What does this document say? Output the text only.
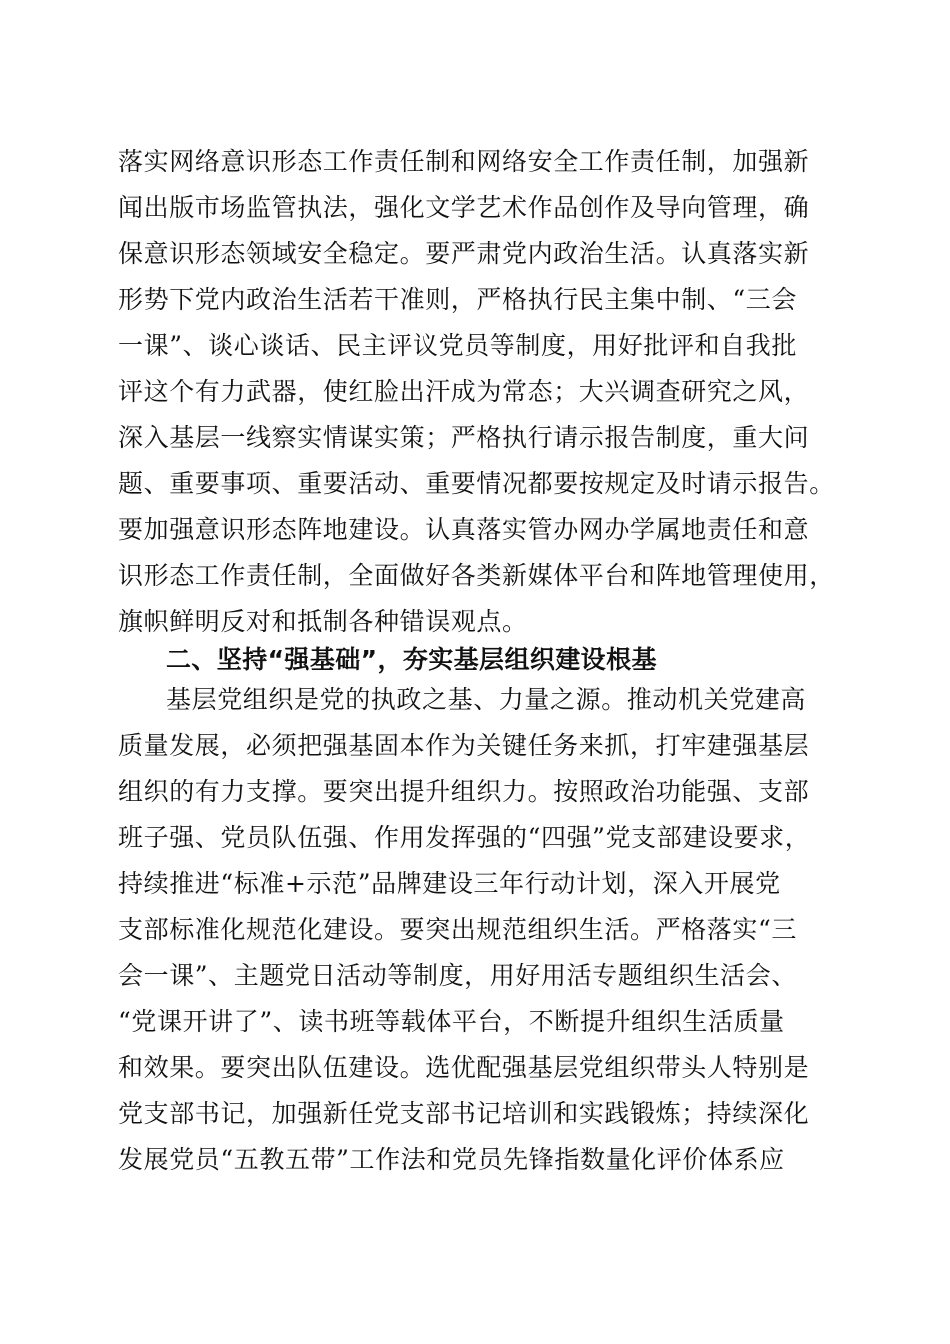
落实网络意识形态工作责任制和网络安全工作责任制，加强新
闻出版市场监管执法，强化文学艺术作品创作及导向管理，确
保意识形态领域安全稳定。要严肃党内政治生活。认真落实新
形势下党内政治生活若干准则，严格执行民主集中制、“三会
一课”、谈心谈话、民主评议党员等制度，用好批评和自我批
评这个有力武器，使红脸出汗成为常态；大兴调查研究之风，
深入基层一线察实情谋实策；严格执行请示报告制度，重大问
题、重要事项、重要活动、重要情况都要按规定及时请示报告。
要加强意识形态阵地建设。认真落实管办网办学属地责任和意
识形态工作责任制，全面做好各类新媒体平台和阵地管理使用，
旗帜鲜明反对和抵制各种错误观点。
二、坚持“强基础”，夯实基层组织建设根基
基层党组织是党的执政之基、力量之源。推动机关党建高
质量发展，必须把强基固本作为关键任务来抓，打牢建强基层
组织的有力支撑。要突出提升组织力。按照政治功能强、支部
班子强、党员队伍强、作用发挥强的“四强”党支部建设要求，
持续推进“标准+示范”品牌建设三年行动计划，深入开展党
支部标准化规范化建设。要突出规范组织生活。严格落实“三
会一课”、主题党日活动等制度，用好用活专题组织生活会、
“党课开讲了”、读书班等载体平台，不断提升组织生活质量
和效果。要突出队伍建设。选优配强基层党组织带头人特别是
党支部书记，加强新任党支部书记培训和实践锻炼；持续深化
发展党员“五教五带”工作法和党员先锋指数量化评价体系应
